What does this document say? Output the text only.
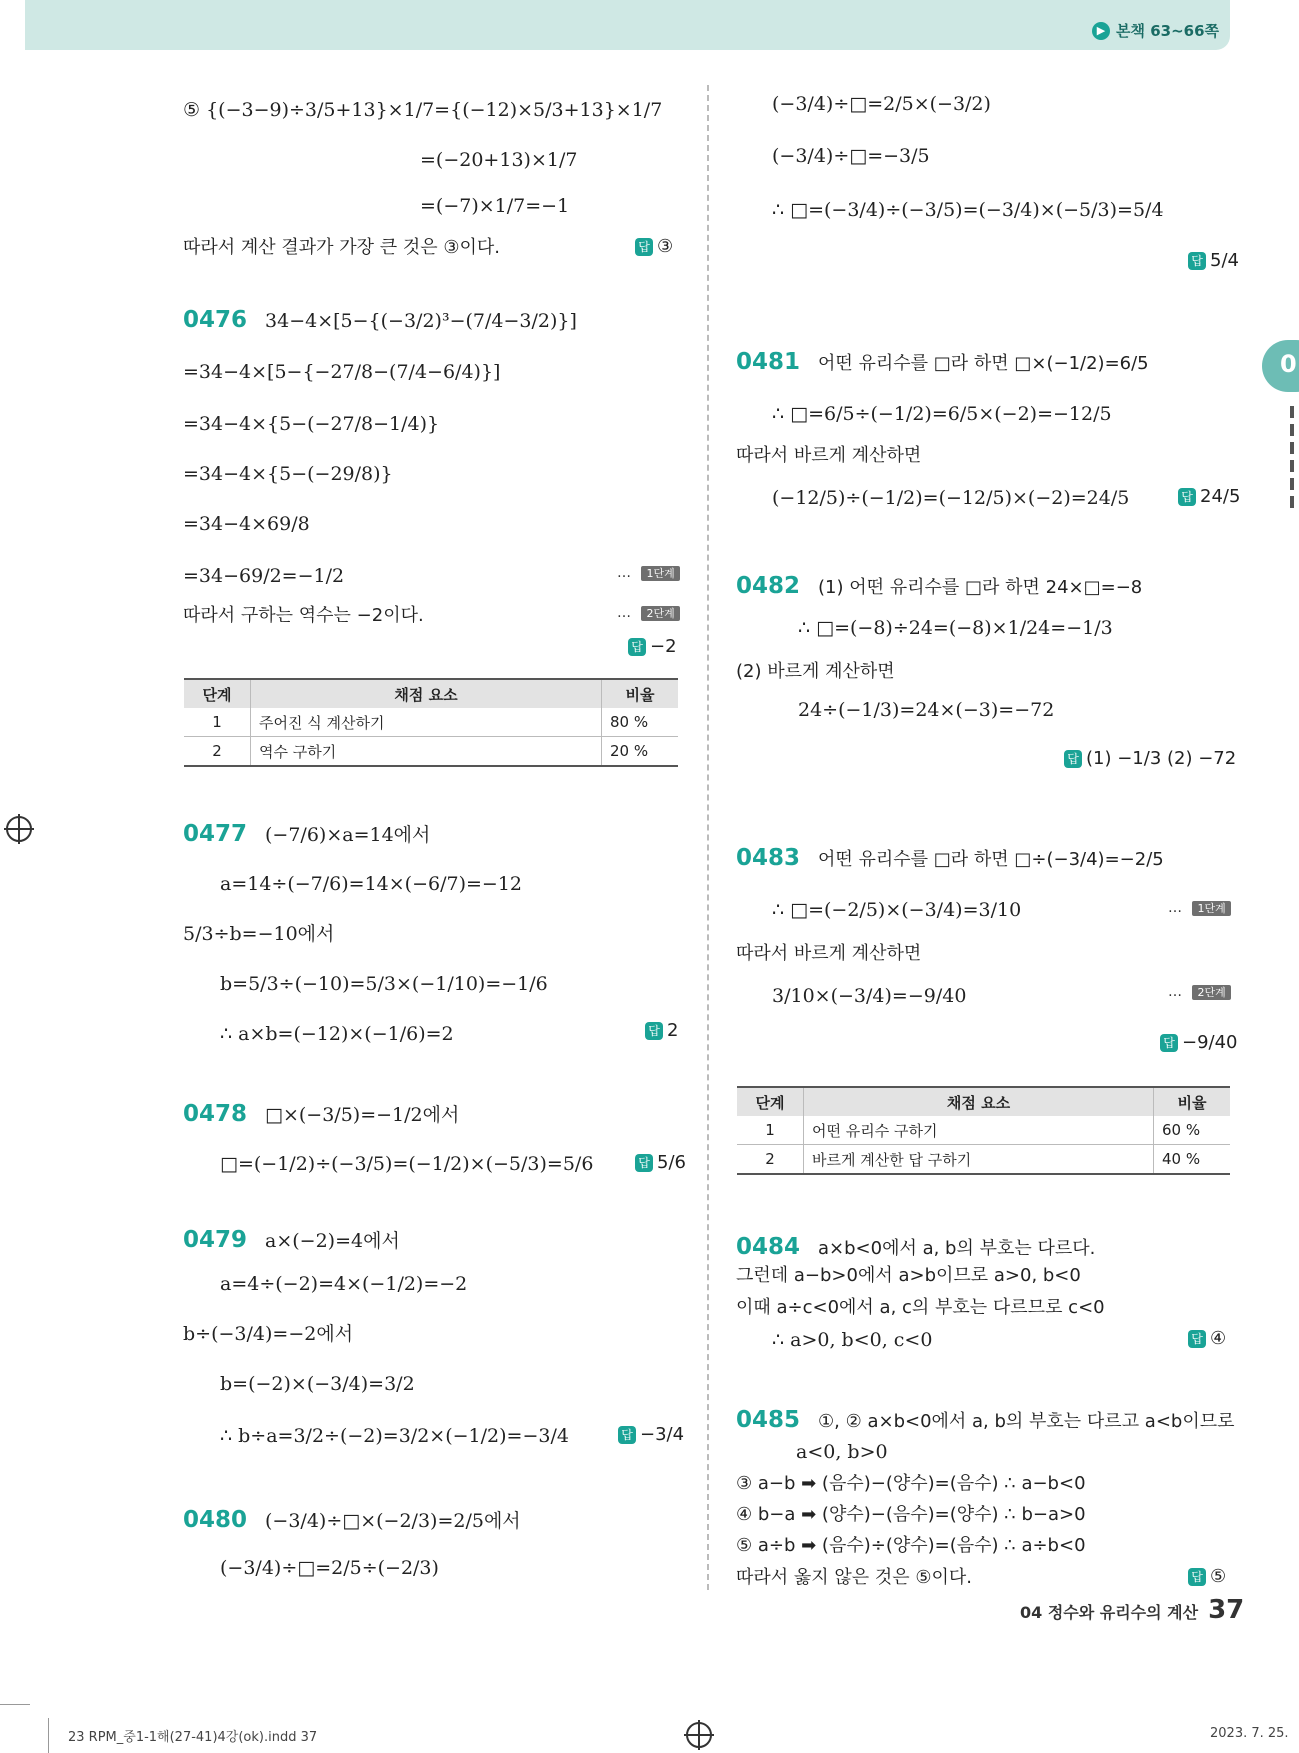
▶ 본책 63~66쪽
0
⑤ {(−3−9)÷3/5+13}×1/7={(−12)×5/3+13}×1/7
=(−20+13)×1/7
=(−7)×1/7=−1
따라서 계산 결과가 가장 큰 것은 ③이다.	답 ③
0476 34−4×[5−{(−3/2)³−(7/4−3/2)}]
=34−4×[5−{−27/8−(7/4−6/4)}]
=34−4×{5−(−27/8−1/4)}
=34−4×{5−(−29/8)}
=34−4×69/8
=34−69/2=−1/2	… 1단계
따라서 구하는 역수는 −2이다.	… 2단계
답 −2
단계	채점 요소	비율
1	주어진 식 계산하기	80 %
2	역수 구하기	20 %
0477 (−7/6)×a=14에서
a=14÷(−7/6)=14×(−6/7)=−12
5/3÷b=−10에서
b=5/3÷(−10)=5/3×(−1/10)=−1/6
∴ a×b=(−12)×(−1/6)=2	답 2
0478 □×(−3/5)=−1/2에서
□=(−1/2)÷(−3/5)=(−1/2)×(−5/3)=5/6	답 5/6
0479 a×(−2)=4에서
a=4÷(−2)=4×(−1/2)=−2
b÷(−3/4)=−2에서
b=(−2)×(−3/4)=3/2
∴ b÷a=3/2÷(−2)=3/2×(−1/2)=−3/4	답 −3/4
0480 (−3/4)÷□×(−2/3)=2/5에서
(−3/4)÷□=2/5÷(−2/3)
(−3/4)÷□=2/5×(−3/2)
(−3/4)÷□=−3/5
∴ □=(−3/4)÷(−3/5)=(−3/4)×(−5/3)=5/4
답 5/4
0481 어떤 유리수를 □라 하면 □×(−1/2)=6/5
∴ □=6/5÷(−1/2)=6/5×(−2)=−12/5
따라서 바르게 계산하면
(−12/5)÷(−1/2)=(−12/5)×(−2)=24/5	답 24/5
0482 (1) 어떤 유리수를 □라 하면 24×□=−8
∴ □=(−8)÷24=(−8)×1/24=−1/3
(2) 바르게 계산하면
24÷(−1/3)=24×(−3)=−72
답 (1) −1/3 (2) −72
0483 어떤 유리수를 □라 하면 □÷(−3/4)=−2/5
∴ □=(−2/5)×(−3/4)=3/10	… 1단계
따라서 바르게 계산하면
3/10×(−3/4)=−9/40	… 2단계
답 −9/40
단계	채점 요소	비율
1	어떤 유리수 구하기	60 %
2	바르게 계산한 답 구하기	40 %
0484 a×b<0에서 a, b의 부호는 다르다.
그런데 a−b>0에서 a>b이므로 a>0, b<0
이때 a÷c<0에서 a, c의 부호는 다르므로 c<0
∴ a>0, b<0, c<0	답 ④
0485 ①, ② a×b<0에서 a, b의 부호는 다르고 a<b이므로
a<0, b>0
③ a−b ➡ (음수)−(양수)=(음수) ∴ a−b<0
④ b−a ➡ (양수)−(음수)=(양수) ∴ b−a>0
⑤ a÷b ➡ (음수)÷(양수)=(음수) ∴ a÷b<0
따라서 옳지 않은 것은 ⑤이다.	답 ⑤
04 정수와 유리수의 계산 37
23 RPM_중1-1해(27-41)4강(ok).indd 37	2023. 7. 25.
